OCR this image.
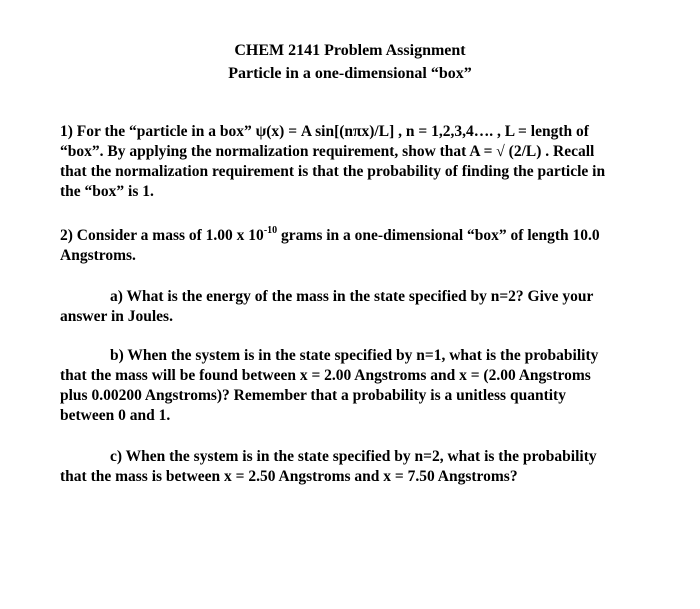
CHEM 2141 Problem Assignment
Particle in a one-dimensional “box”
1) For the “particle in a box” ψ(x) = A sin[(nπx)/L] , n = 1,2,3,4…. , L = length of
“box”. By applying the normalization requirement, show that A = √ (2/L) . Recall
that the normalization requirement is that the probability of finding the particle in
the “box” is 1.
2) Consider a mass of 1.00 x $10^{-10}$ grams in a one-dimensional “box” of length 10.0
Angstroms.
a) What is the energy of the mass in the state specified by n=2? Give your
answer in Joules.
b) When the system is in the state specified by n=1, what is the probability
that the mass will be found between x = 2.00 Angstroms and x = (2.00 Angstroms
plus 0.00200 Angstroms)? Remember that a probability is a unitless quantity
between 0 and 1.
c) When the system is in the state specified by n=2, what is the probability
that the mass is between x = 2.50 Angstroms and x = 7.50 Angstroms?
